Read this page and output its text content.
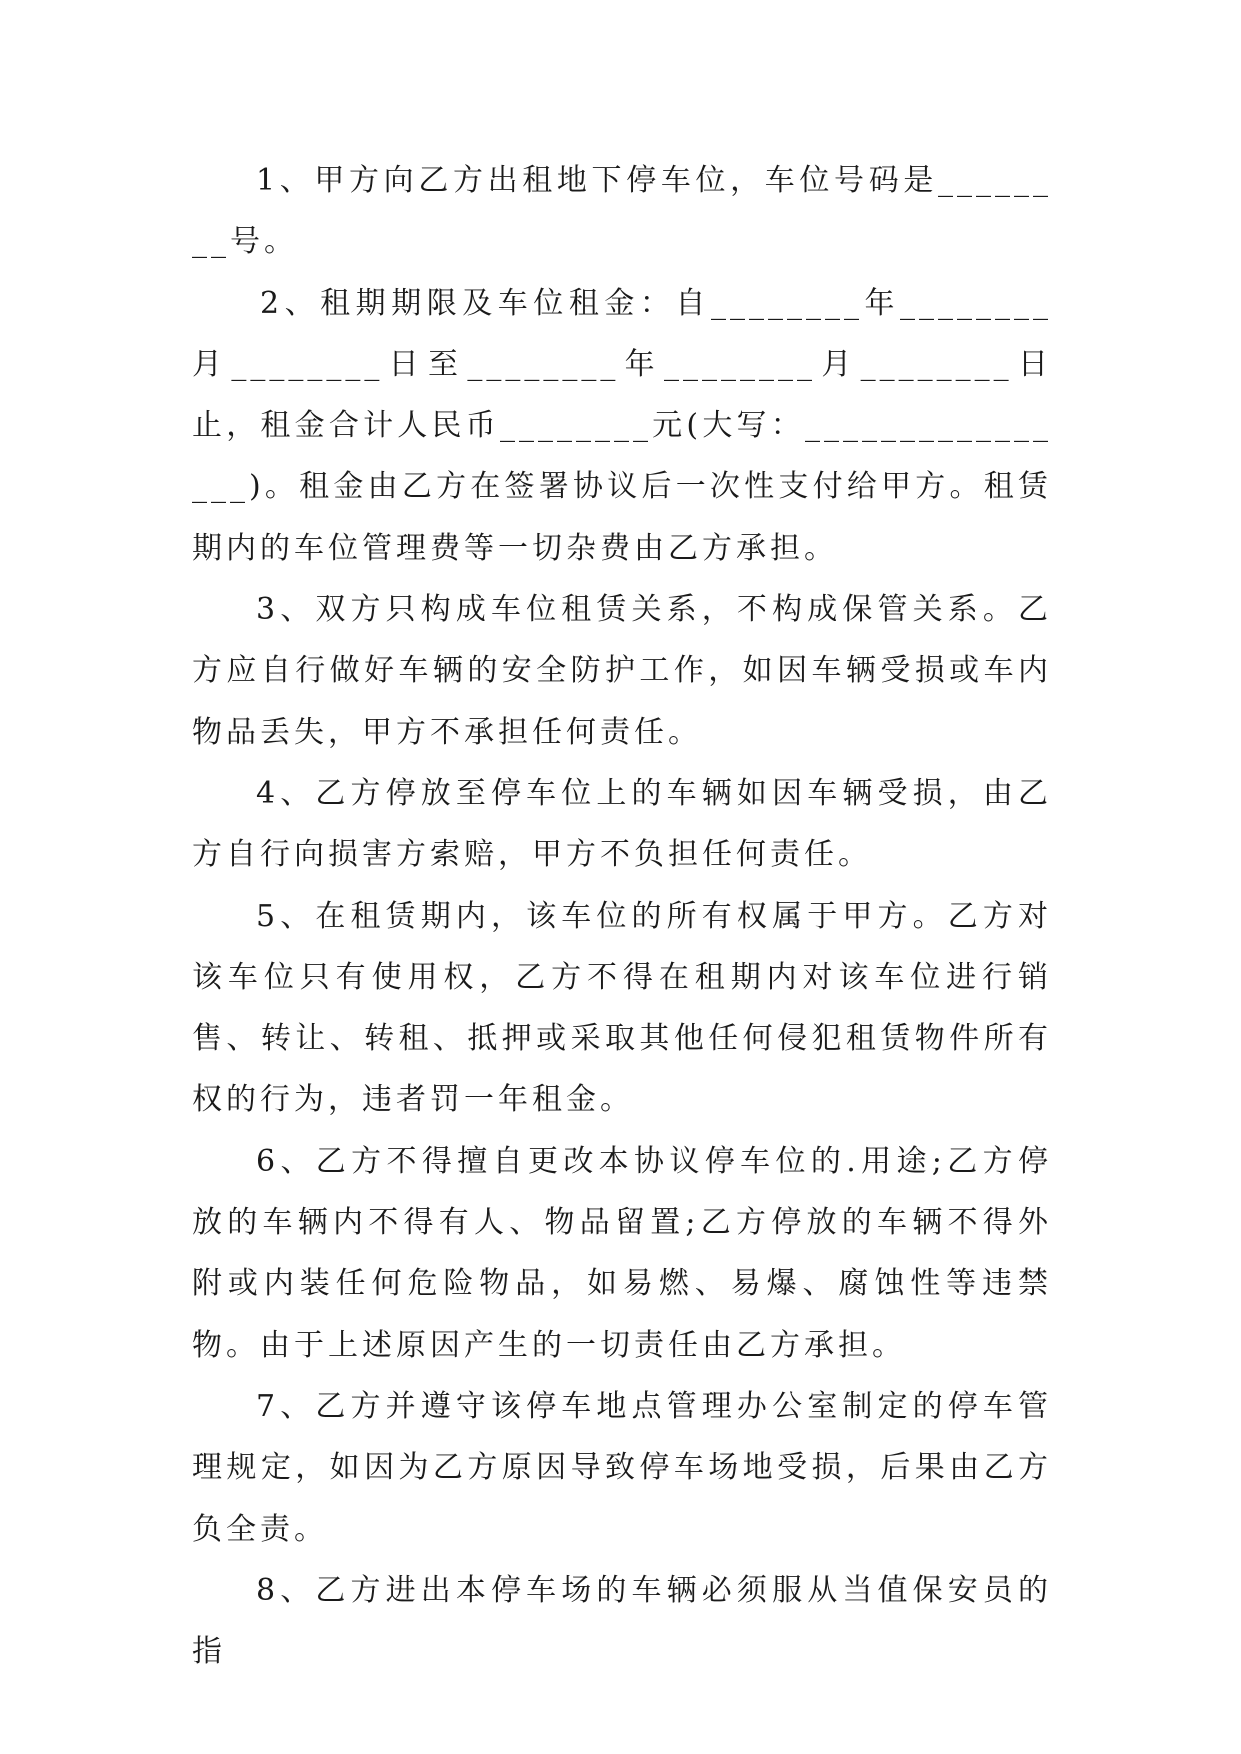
1、甲方向乙方出租地下停车位，车位号码是________号。

2、租期期限及车位租金：自________年________月________日至________年________月________日止，租金合计人民币________元(大写：________________)。租金由乙方在签署协议后一次性支付给甲方。租赁期内的车位管理费等一切杂费由乙方承担。

3、双方只构成车位租赁关系，不构成保管关系。乙方应自行做好车辆的安全防护工作，如因车辆受损或车内物品丢失，甲方不承担任何责任。

4、乙方停放至停车位上的车辆如因车辆受损，由乙方自行向损害方索赔，甲方不负担任何责任。

5、在租赁期内，该车位的所有权属于甲方。乙方对该车位只有使用权，乙方不得在租期内对该车位进行销售、转让、转租、抵押或采取其他任何侵犯租赁物件所有权的行为，违者罚一年租金。

6、乙方不得擅自更改本协议停车位的.用途;乙方停放的车辆内不得有人、物品留置;乙方停放的车辆不得外附或内装任何危险物品，如易燃、易爆、腐蚀性等违禁物。由于上述原因产生的一切责任由乙方承担。

7、乙方并遵守该停车地点管理办公室制定的停车管理规定，如因为乙方原因导致停车场地受损，后果由乙方负全责。

8、乙方进出本停车场的车辆必须服从当值保安员的指
